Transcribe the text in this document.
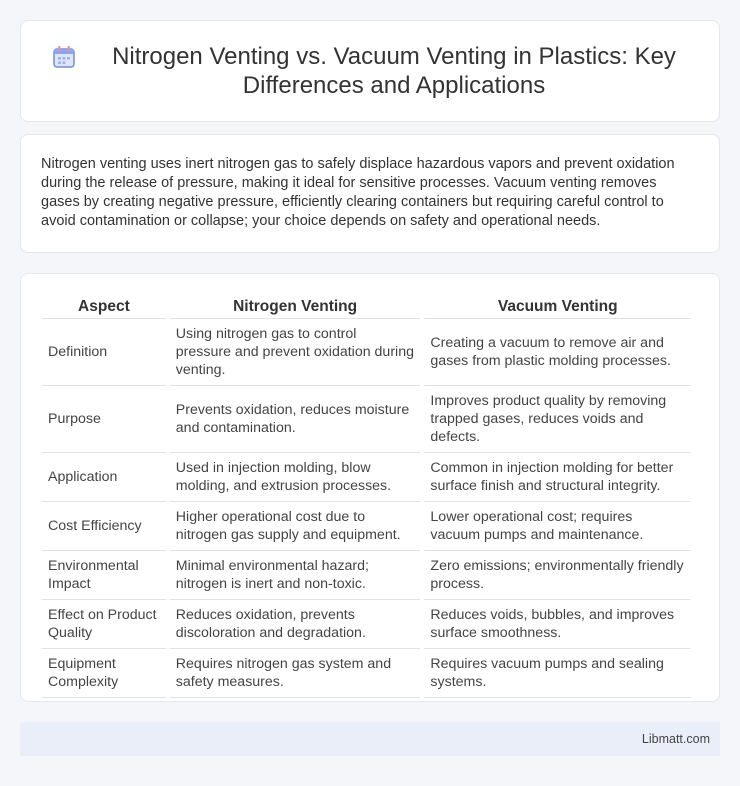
Nitrogen Venting vs. Vacuum Venting in Plastics: Key Differences and Applications

Nitrogen venting uses inert nitrogen gas to safely displace hazardous vapors and prevent oxidation during the release of pressure, making it ideal for sensitive processes. Vacuum venting removes gases by creating negative pressure, efficiently clearing containers but requiring careful control to avoid contamination or collapse; your choice depends on safety and operational needs.

Aspect	Nitrogen Venting	Vacuum Venting
Definition	Using nitrogen gas to control pressure and prevent oxidation during venting.	Creating a vacuum to remove air and gases from plastic molding processes.
Purpose	Prevents oxidation, reduces moisture and contamination.	Improves product quality by removing trapped gases, reduces voids and defects.
Application	Used in injection molding, blow molding, and extrusion processes.	Common in injection molding for better surface finish and structural integrity.
Cost Efficiency	Higher operational cost due to nitrogen gas supply and equipment.	Lower operational cost; requires vacuum pumps and maintenance.
Environmental Impact	Minimal environmental hazard; nitrogen is inert and non-toxic.	Zero emissions; environmentally friendly process.
Effect on Product Quality	Reduces oxidation, prevents discoloration and degradation.	Reduces voids, bubbles, and improves surface smoothness.
Equipment Complexity	Requires nitrogen gas system and safety measures.	Requires vacuum pumps and sealing systems.
Libmatt.com
